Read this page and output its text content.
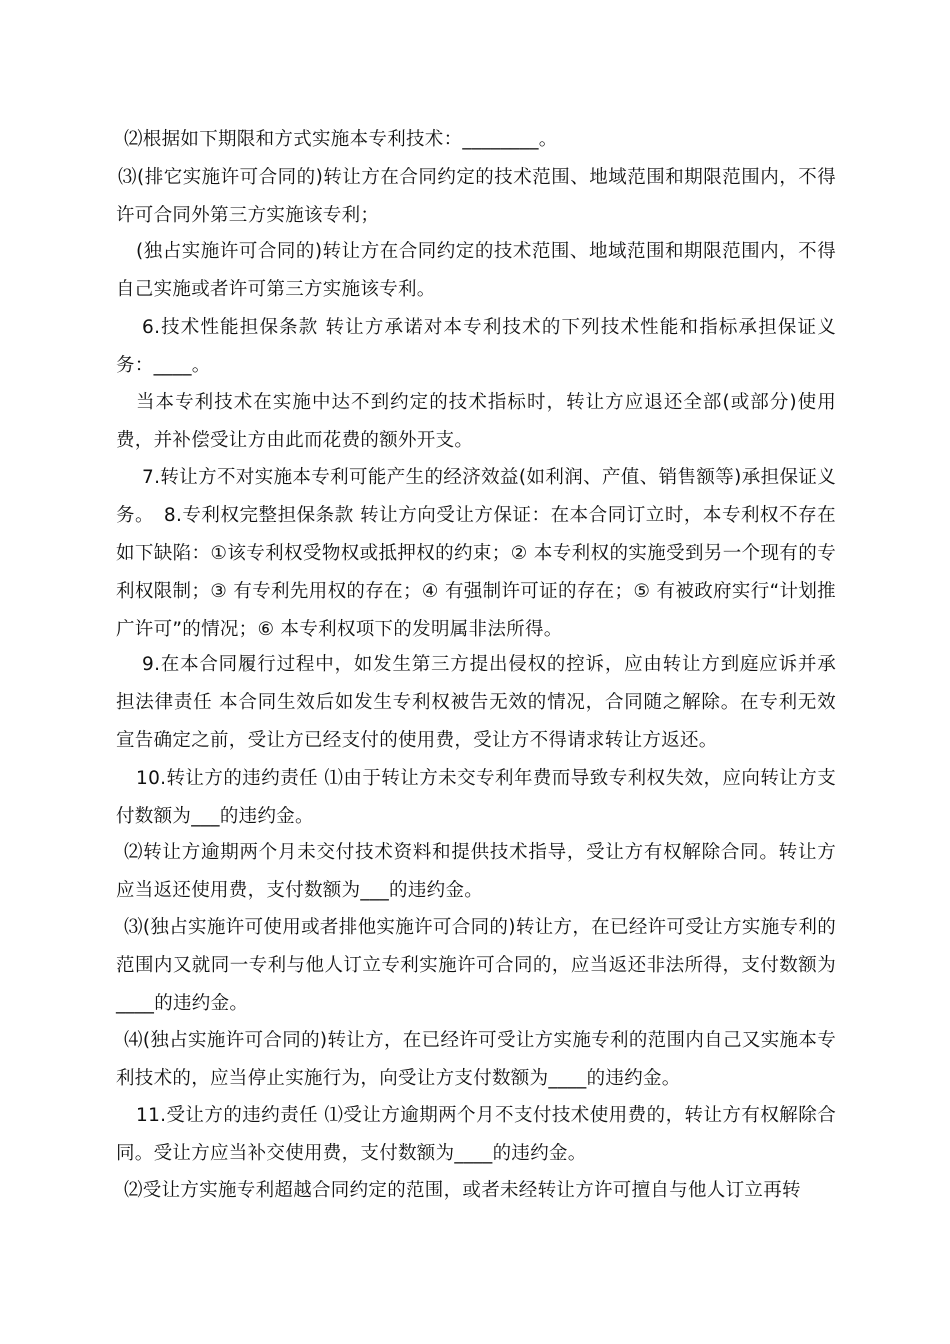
⑵根据如下期限和方式实施本专利技术：________。

⑶(排它实施许可合同的)转让方在合同约定的技术范围、地域范围和期限范围内，不得许可合同外第三方实施该专利；

(独占实施许可合同的)转让方在合同约定的技术范围、地域范围和期限范围内，不得自己实施或者许可第三方实施该专利。

6.技术性能担保条款 转让方承诺对本专利技术的下列技术性能和指标承担保证义务：____。

当本专利技术在实施中达不到约定的技术指标时，转让方应退还全部(或部分)使用费，并补偿受让方由此而花费的额外开支。

7.转让方不对实施本专利可能产生的经济效益(如利润、产值、销售额等)承担保证义务。　8.专利权完整担保条款 转让方向受让方保证：在本合同订立时，本专利权不存在如下缺陷：①该专利权受物权或抵押权的约束；② 本专利权的实施受到另一个现有的专利权限制；③ 有专利先用权的存在；④ 有强制许可证的存在；⑤ 有被政府实行“计划推广许可”的情况；⑥ 本专利权项下的发明属非法所得。

9.在本合同履行过程中，如发生第三方提出侵权的控诉，应由转让方到庭应诉并承担法律责任 本合同生效后如发生专利权被告无效的情况，合同随之解除。在专利无效宣告确定之前，受让方已经支付的使用费，受让方不得请求转让方返还。

10.转让方的违约责任 ⑴由于转让方未交专利年费而导致专利权失效，应向转让方支付数额为___的违约金。

⑵转让方逾期两个月未交付技术资料和提供技术指导，受让方有权解除合同。转让方应当返还使用费，支付数额为___的违约金。

⑶(独占实施许可使用或者排他实施许可合同的)转让方，在已经许可受让方实施专利的范围内又就同一专利与他人订立专利实施许可合同的，应当返还非法所得，支付数额为____的违约金。

⑷(独占实施许可合同的)转让方，在已经许可受让方实施专利的范围内自己又实施本专利技术的，应当停止实施行为，向受让方支付数额为____的违约金。

11.受让方的违约责任 ⑴受让方逾期两个月不支付技术使用费的，转让方有权解除合同。受让方应当补交使用费，支付数额为____的违约金。

⑵受让方实施专利超越合同约定的范围，或者未经转让方许可擅自与他人订立再转
